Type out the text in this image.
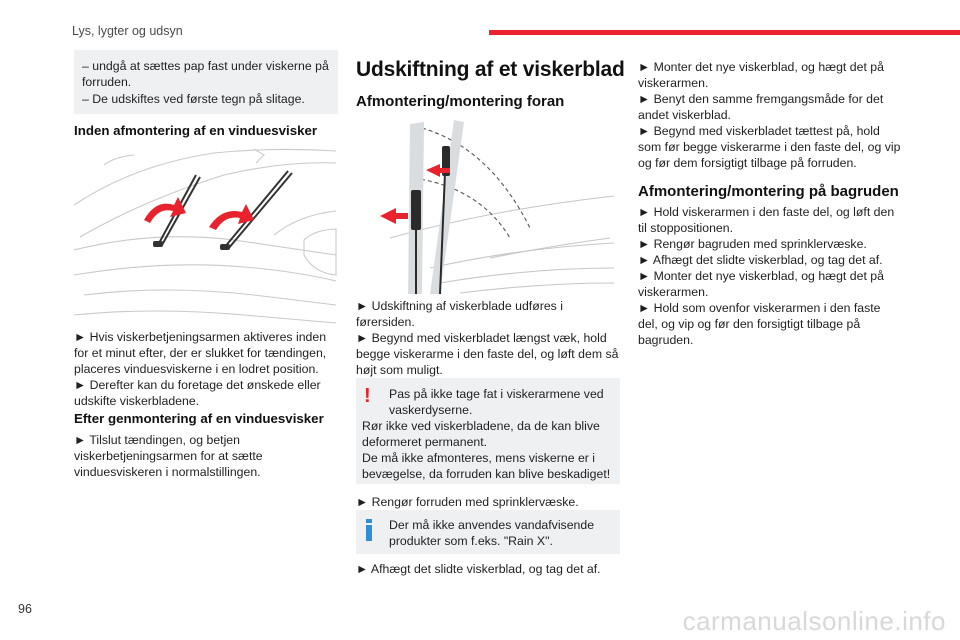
Lys, lygter og udsyn
– undgå at sættes pap fast under viskerne på
forruden.
– De udskiftes ved første tegn på slitage.
Inden afmontering af en vinduesvisker
► Hvis viskerbetjeningsarmen aktiveres inden
for et minut efter, der er slukket for tændingen,
placeres vinduesviskerne i en lodret position.
► Derefter kan du foretage det ønskede eller
udskifte viskerbladene.
Efter genmontering af en vinduesvisker
► Tilslut tændingen, og betjen
viskerbetjeningsarmen for at sætte
vinduesviskeren i normalstillingen.
Udskiftning af et viskerblad
Afmontering/montering foran
► Udskiftning af viskerblade udføres i
førersiden.
► Begynd med viskerbladet længst væk, hold
begge viskerarme i den faste del, og løft dem så
højt som muligt.
!	Pas på ikke tage fat i viskerarmene ved
vaskerdyserne.
Rør ikke ved viskerbladene, da de kan blive
deformeret permanent.
De må ikke afmonteres, mens viskerne er i
bevægelse, da forruden kan blive beskadiget!
► Rengør forruden med sprinklervæske.
Der må ikke anvendes vandafvisende
produkter som f.eks. "Rain X".
► Afhægt det slidte viskerblad, og tag det af.
► Monter det nye viskerblad, og hægt det på
viskerarmen.
► Benyt den samme fremgangsmåde for det
andet viskerblad.
► Begynd med viskerbladet tættest på, hold
som før begge viskerarme i den faste del, og vip
og før dem forsigtigt tilbage på forruden.
Afmontering/montering på bagruden
► Hold viskerarmen i den faste del, og løft den
til stoppositionen.
► Rengør bagruden med sprinklervæske.
► Afhægt det slidte viskerblad, og tag det af.
► Monter det nye viskerblad, og hægt det på
viskerarmen.
► Hold som ovenfor viskerarmen i den faste
del, og vip og før den forsigtigt tilbage på
bagruden.
96	carmanualsonline.info
